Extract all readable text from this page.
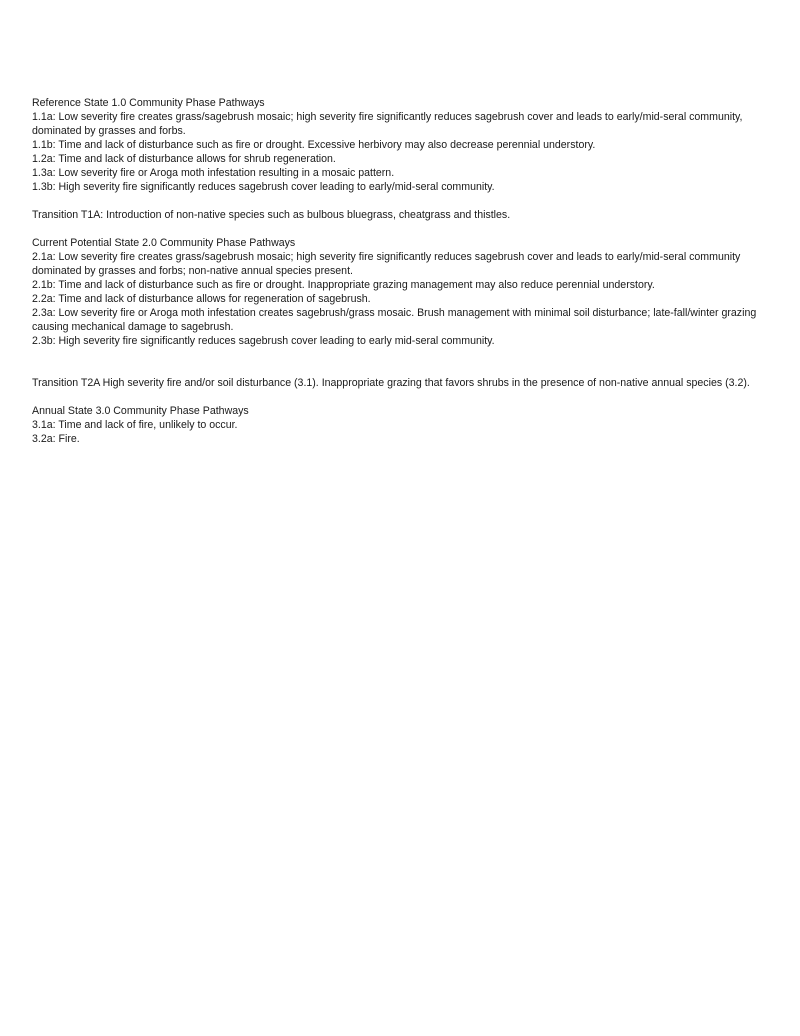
Reference State 1.0 Community Phase Pathways
1.1a: Low severity fire creates grass/sagebrush mosaic; high severity fire significantly reduces sagebrush cover and leads to early/mid-seral community, dominated by grasses and forbs.
1.1b: Time and lack of disturbance such as fire or drought. Excessive herbivory may also decrease perennial understory.
1.2a: Time and lack of disturbance allows for shrub regeneration.
1.3a: Low severity fire or Aroga moth infestation resulting in a mosaic pattern.
1.3b: High severity fire significantly reduces sagebrush cover leading to early/mid-seral community.
Transition T1A: Introduction of non-native species such as bulbous bluegrass, cheatgrass and thistles.
Current Potential State 2.0 Community Phase Pathways
2.1a: Low severity fire creates grass/sagebrush mosaic; high severity fire significantly reduces sagebrush cover and leads to early/mid-seral community dominated by grasses and forbs; non-native annual species present.
2.1b: Time and lack of disturbance such as fire or drought. Inappropriate grazing management may also reduce perennial understory.
2.2a: Time and lack of disturbance allows for regeneration of sagebrush.
2.3a: Low severity fire or Aroga moth infestation creates sagebrush/grass mosaic. Brush management with minimal soil disturbance; late-fall/winter grazing causing mechanical damage to sagebrush.
2.3b: High severity fire significantly reduces sagebrush cover leading to early mid-seral community.
Transition T2A High severity fire and/or soil disturbance (3.1). Inappropriate grazing that favors shrubs in the presence of non-native annual species (3.2).
Annual State 3.0 Community Phase Pathways
3.1a: Time and lack of fire, unlikely to occur.
3.2a: Fire.
